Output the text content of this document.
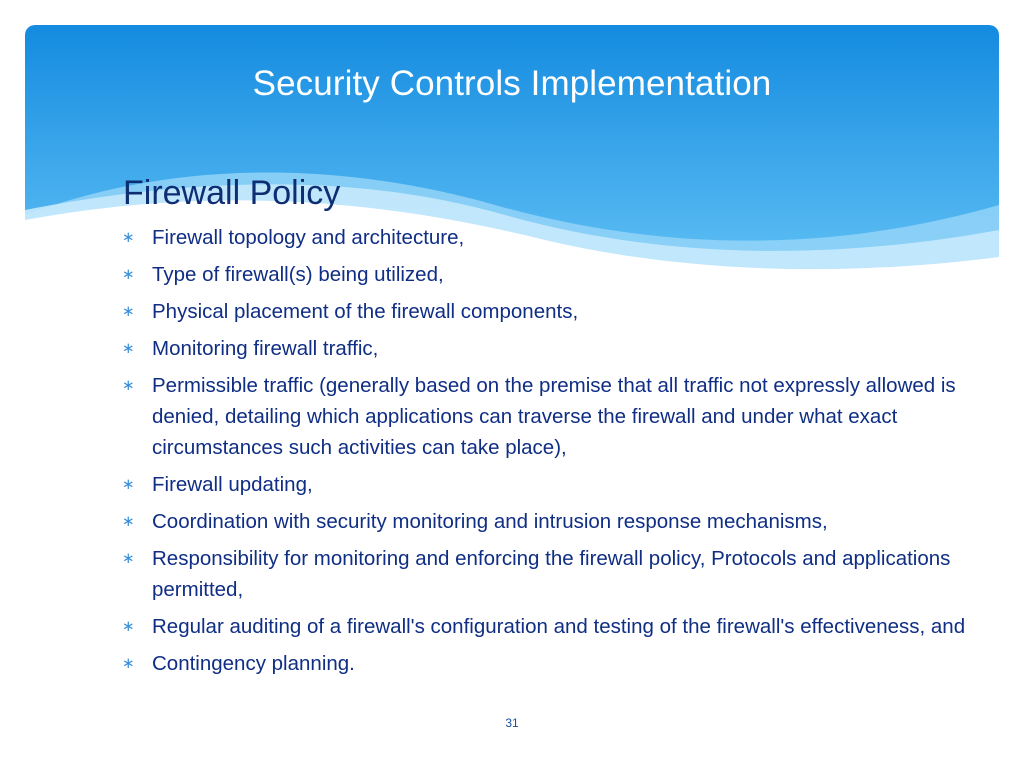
Security Controls Implementation
Firewall Policy
∗ Firewall topology and architecture,
∗ Type of firewall(s) being utilized,
∗ Physical placement of the firewall components,
∗ Monitoring firewall traffic,
∗ Permissible traffic (generally based on the premise that all traffic not expressly allowed is denied, detailing which applications can traverse the firewall and under what exact circumstances such activities can take place),
∗ Firewall updating,
∗ Coordination with security monitoring and intrusion response mechanisms,
∗ Responsibility for monitoring and enforcing the firewall policy, Protocols and applications permitted,
∗ Regular auditing of a firewall's configuration and testing of the firewall's effectiveness, and
∗ Contingency planning.
31
